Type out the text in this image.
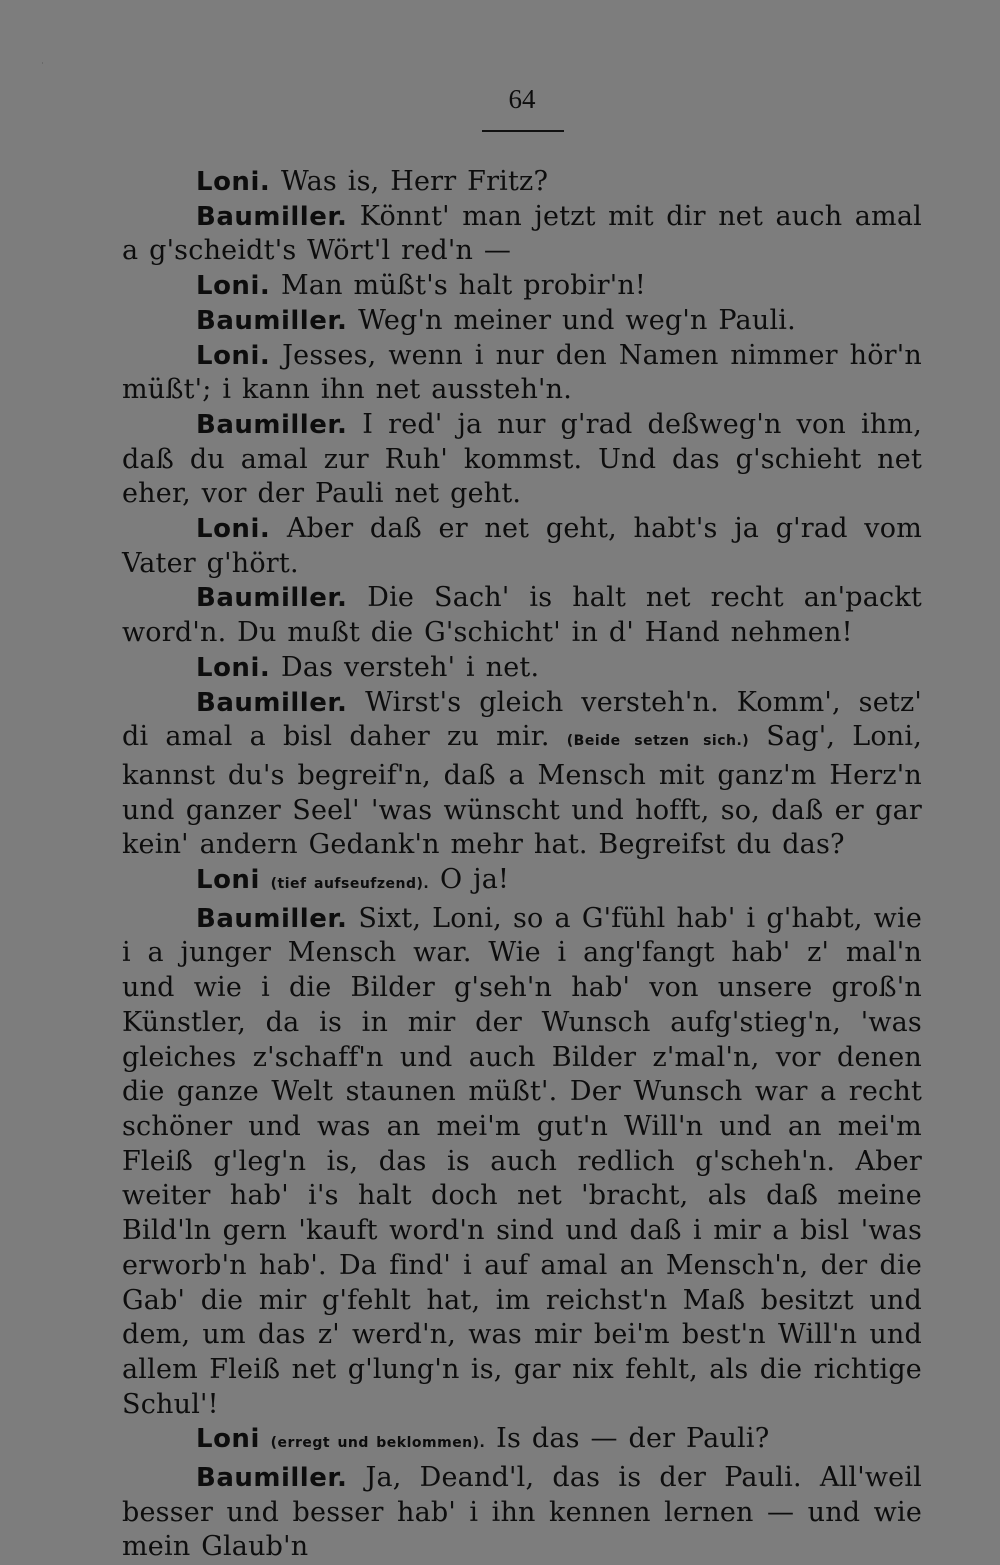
64

Loni. Was is, Herr Fritz?

Baumiller. Könnt' man jetzt mit dir net auch amal a g'scheidt's Wört'l red'n —

Loni. Man müßt's halt probir'n!

Baumiller. Weg'n meiner und weg'n Pauli.

Loni. Jesses, wenn i nur den Namen nimmer hör'n müßt'; i kann ihn net aussteh'n.

Baumiller. I red' ja nur g'rad deßweg'n von ihm, daß du amal zur Ruh' kommst. Und das g'schieht net eher, vor der Pauli net geht.

Loni. Aber daß er net geht, habt's ja g'rad vom Vater g'hört.

Baumiller. Die Sach' is halt net recht an'packt word'n. Du mußt die G'schicht' in d' Hand nehmen!

Loni. Das versteh' i net.

Baumiller. Wirst's gleich versteh'n. Komm', setz' di amal a bisl daher zu mir. (Beide setzen sich.) Sag', Loni, kannst du's begreif'n, daß a Mensch mit ganz'm Herz'n und ganzer Seel' 'was wünscht und hofft, so, daß er gar kein' andern Gedank'n mehr hat. Begreifst du das?

Loni (tief aufseufzend). O ja!

Baumiller. Sixt, Loni, so a G'fühl hab' i g'habt, wie i a junger Mensch war. Wie i ang'fangt hab' z' mal'n und wie i die Bilder g'seh'n hab' von unsere groß'n Künstler, da is in mir der Wunsch aufg'stieg'n, 'was gleiches z'schaff'n und auch Bilder z'mal'n, vor denen die ganze Welt staunen müßt'. Der Wunsch war a recht schöner und was an mei'm gut'n Will'n und an mei'm Fleiß g'leg'n is, das is auch redlich g'scheh'n. Aber weiter hab' i's halt doch net 'bracht, als daß meine Bild'ln gern 'kauft word'n sind und daß i mir a bisl 'was erworb'n hab'. Da find' i auf amal an Mensch'n, der die Gab' die mir g'fehlt hat, im reichst'n Maß besitzt und dem, um das z' werd'n, was mir bei'm best'n Will'n und allem Fleiß net g'lung'n is, gar nix fehlt, als die richtige Schul'!

Loni (erregt und beklommen). Is das — der Pauli?

Baumiller. Ja, Deand'l, das is der Pauli. All'weil besser und besser hab' i ihn kennen lernen — und wie mein Glaub'n
